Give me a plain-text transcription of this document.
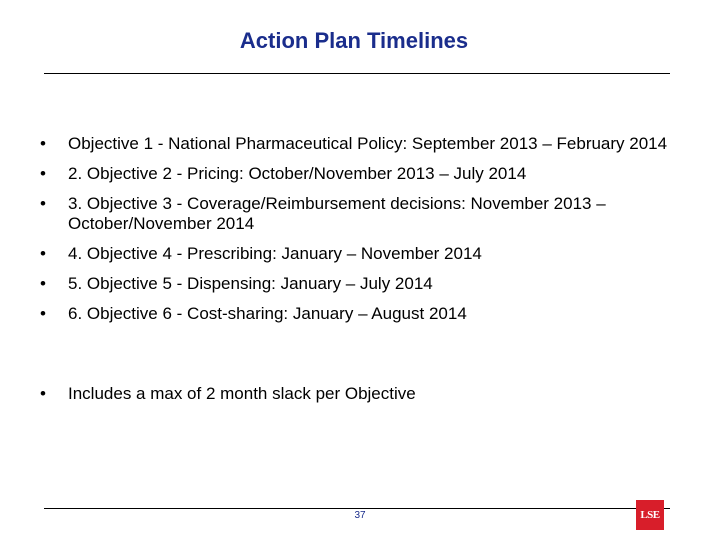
Action Plan Timelines
• Objective 1 - National Pharmaceutical Policy: September 2013 – February 2014
• 2. Objective 2 - Pricing: October/November 2013 – July 2014
• 3. Objective 3 - Coverage/Reimbursement decisions: November 2013 – October/November 2014
• 4. Objective 4 - Prescribing: January – November 2014
• 5. Objective 5 - Dispensing: January – July 2014
• 6. Objective 6 - Cost-sharing: January – August 2014
• Includes a max of 2 month slack per Objective
37	LSE
